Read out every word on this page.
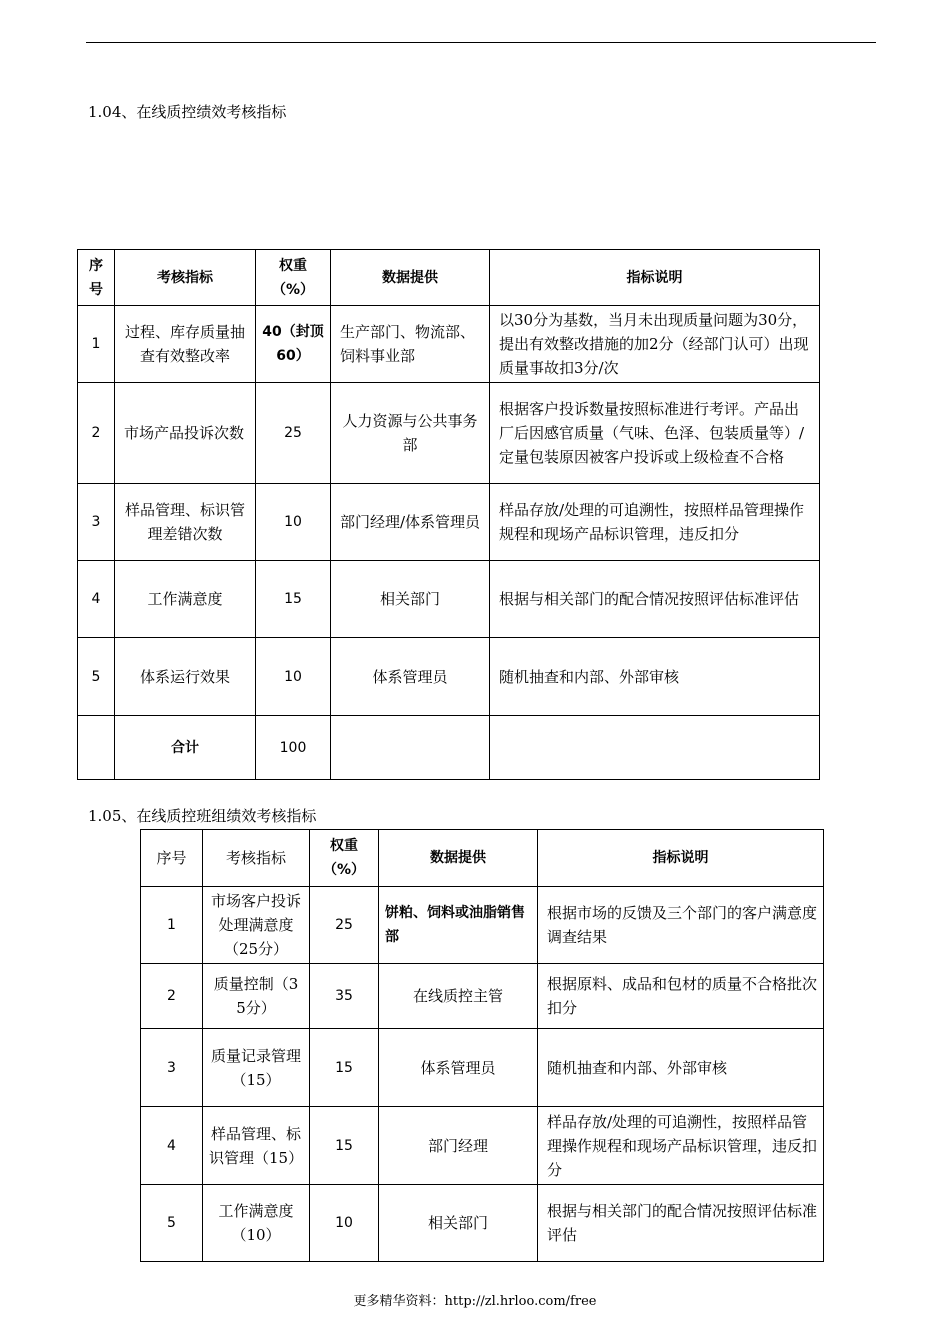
1.04、在线质控绩效考核指标
序号	考核指标	权重（%）	数据提供	指标说明
1	过程、库存质量抽查有效整改率	40（封顶60）	生产部门、物流部、饲料事业部	以30分为基数，当月未出现质量问题为30分，提出有效整改措施的加2分（经部门认可）出现质量事故扣3分/次
2	市场产品投诉次数	25	人力资源与公共事务部	根据客户投诉数量按照标准进行考评。产品出厂后因感官质量（气味、色泽、包装质量等）/定量包装原因被客户投诉或上级检查不合格
3	样品管理、标识管理差错次数	10	部门经理/体系管理员	样品存放/处理的可追溯性，按照样品管理操作规程和现场产品标识管理，违反扣分
4	工作满意度	15	相关部门	根据与相关部门的配合情况按照评估标准评估
5	体系运行效果	10	体系管理员	随机抽查和内部、外部审核
	合计	100		
1.05、在线质控班组绩效考核指标
序号	考核指标	权重（%）	数据提供	指标说明
1	市场客户投诉处理满意度（25分）	25	饼粕、饲料或油脂销售部	根据市场的反馈及三个部门的客户满意度调查结果
2	质量控制（35分）	35	在线质控主管	根据原料、成品和包材的质量不合格批次扣分
3	质量记录管理（15）	15	体系管理员	随机抽查和内部、外部审核
4	样品管理、标识管理（15）	15	部门经理	样品存放/处理的可追溯性，按照样品管理操作规程和现场产品标识管理，违反扣分
5	工作满意度（10）	10	相关部门	根据与相关部门的配合情况按照评估标准评估
更多精华资料：http://zl.hrloo.com/free
